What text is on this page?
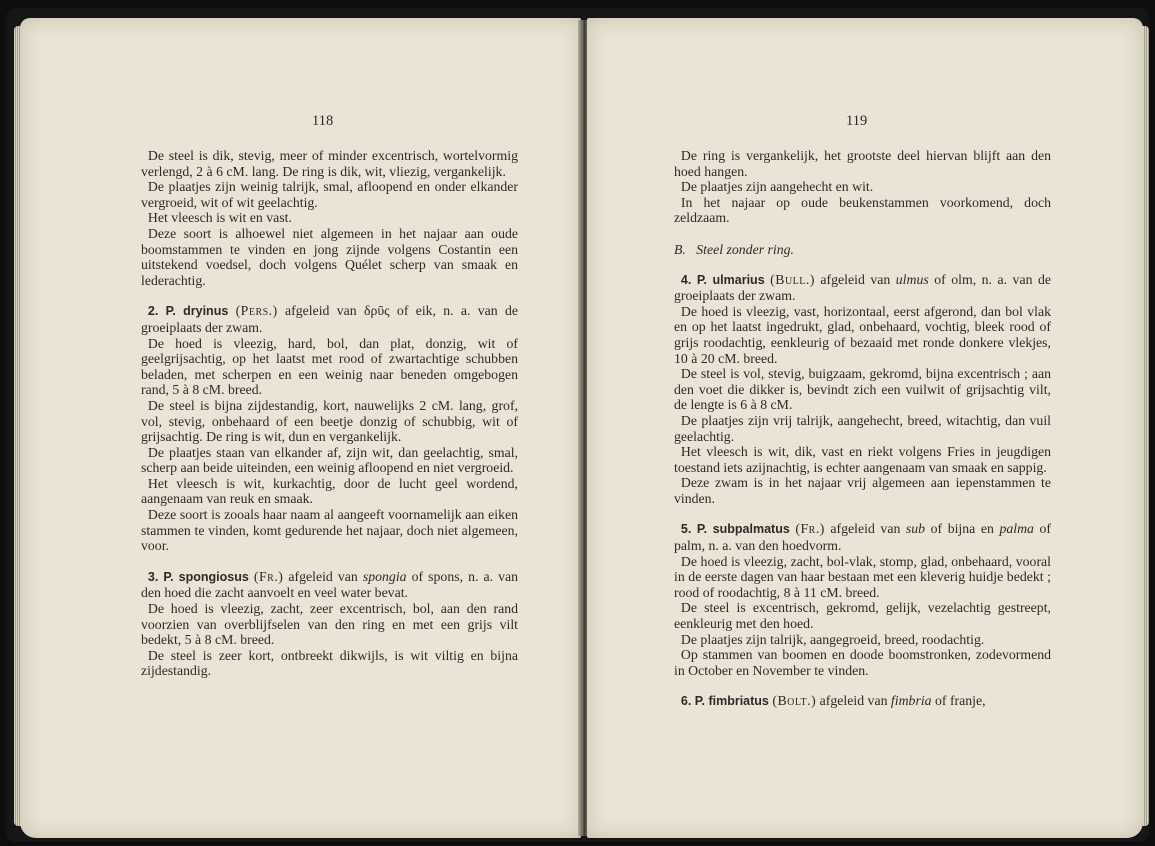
118

De steel is dik, stevig, meer of minder excentrisch, wortelvormig verlengd, 2 à 6 cM. lang. De ring is dik, wit, vliezig, vergankelijk.

De plaatjes zijn weinig talrijk, smal, afloopend en onder elkander vergroeid, wit of wit geelachtig.

Het vleesch is wit en vast.

Deze soort is alhoewel niet algemeen in het najaar aan oude boomstammen te vinden en jong zijnde volgens Costantin een uitstekend voedsel, doch volgens Quélet scherp van smaak en lederachtig.

2. P. dryinus (Pers.) afgeleid van δρῦς of eik, n. a. van de groeiplaats der zwam.

De hoed is vleezig, hard, bol, dan plat, donzig, wit of geelgrijsachtig, op het laatst met rood of zwartachtige schubben beladen, met scherpen en een weinig naar beneden omgebogen rand, 5 à 8 cM. breed.

De steel is bijna zijdestandig, kort, nauwelijks 2 cM. lang, grof, vol, stevig, onbehaard of een beetje donzig of schubbig, wit of grijsachtig. De ring is wit, dun en vergankelijk.

De plaatjes staan van elkander af, zijn wit, dan geelachtig, smal, scherp aan beide uiteinden, een weinig afloopend en niet vergroeid.

Het vleesch is wit, kurkachtig, door de lucht geel wordend, aangenaam van reuk en smaak.

Deze soort is zooals haar naam al aangeeft voornamelijk aan eiken stammen te vinden, komt gedurende het najaar, doch niet algemeen, voor.

3. P. spongiosus (Fr.) afgeleid van spongia of spons, n. a. van den hoed die zacht aanvoelt en veel water bevat.

De hoed is vleezig, zacht, zeer excentrisch, bol, aan den rand voorzien van overblijfselen van den ring en met een grijs vilt bedekt, 5 à 8 cM. breed.

De steel is zeer kort, ontbreekt dikwijls, is wit viltig en bijna zijdestandig.

119

De ring is vergankelijk, het grootste deel hiervan blijft aan den hoed hangen.

De plaatjes zijn aangehecht en wit.

In het najaar op oude beukenstammen voorkomend, doch zeldzaam.

B. Steel zonder ring.

4. P. ulmarius (Bull.) afgeleid van ulmus of olm, n. a. van de groeiplaats der zwam.

De hoed is vleezig, vast, horizontaal, eerst afgerond, dan bol vlak en op het laatst ingedrukt, glad, onbehaard, vochtig, bleek rood of grijs roodachtig, eenkleurig of bezaaid met ronde donkere vlekjes, 10 à 20 cM. breed.

De steel is vol, stevig, buigzaam, gekromd, bijna excentrisch ; aan den voet die dikker is, bevindt zich een vuilwit of grijsachtig vilt, de lengte is 6 à 8 cM.

De plaatjes zijn vrij talrijk, aangehecht, breed, witachtig, dan vuil geelachtig.

Het vleesch is wit, dik, vast en riekt volgens Fries in jeugdigen toestand iets azijnachtig, is echter aangenaam van smaak en sappig.

Deze zwam is in het najaar vrij algemeen aan iepenstammen te vinden.

5. P. subpalmatus (Fr.) afgeleid van sub of bijna en palma of palm, n. a. van den hoedvorm.

De hoed is vleezig, zacht, bol-vlak, stomp, glad, onbehaard, vooral in de eerste dagen van haar bestaan met een kleverig huidje bedekt ; rood of roodachtig, 8 à 11 cM. breed.

De steel is excentrisch, gekromd, gelijk, vezelachtig gestreept, eenkleurig met den hoed.

De plaatjes zijn talrijk, aangegroeid, breed, roodachtig.

Op stammen van boomen en doode boomstronken, zodevormend in October en November te vinden.

6. P. fimbriatus (Bolt.) afgeleid van fimbria of franje,
